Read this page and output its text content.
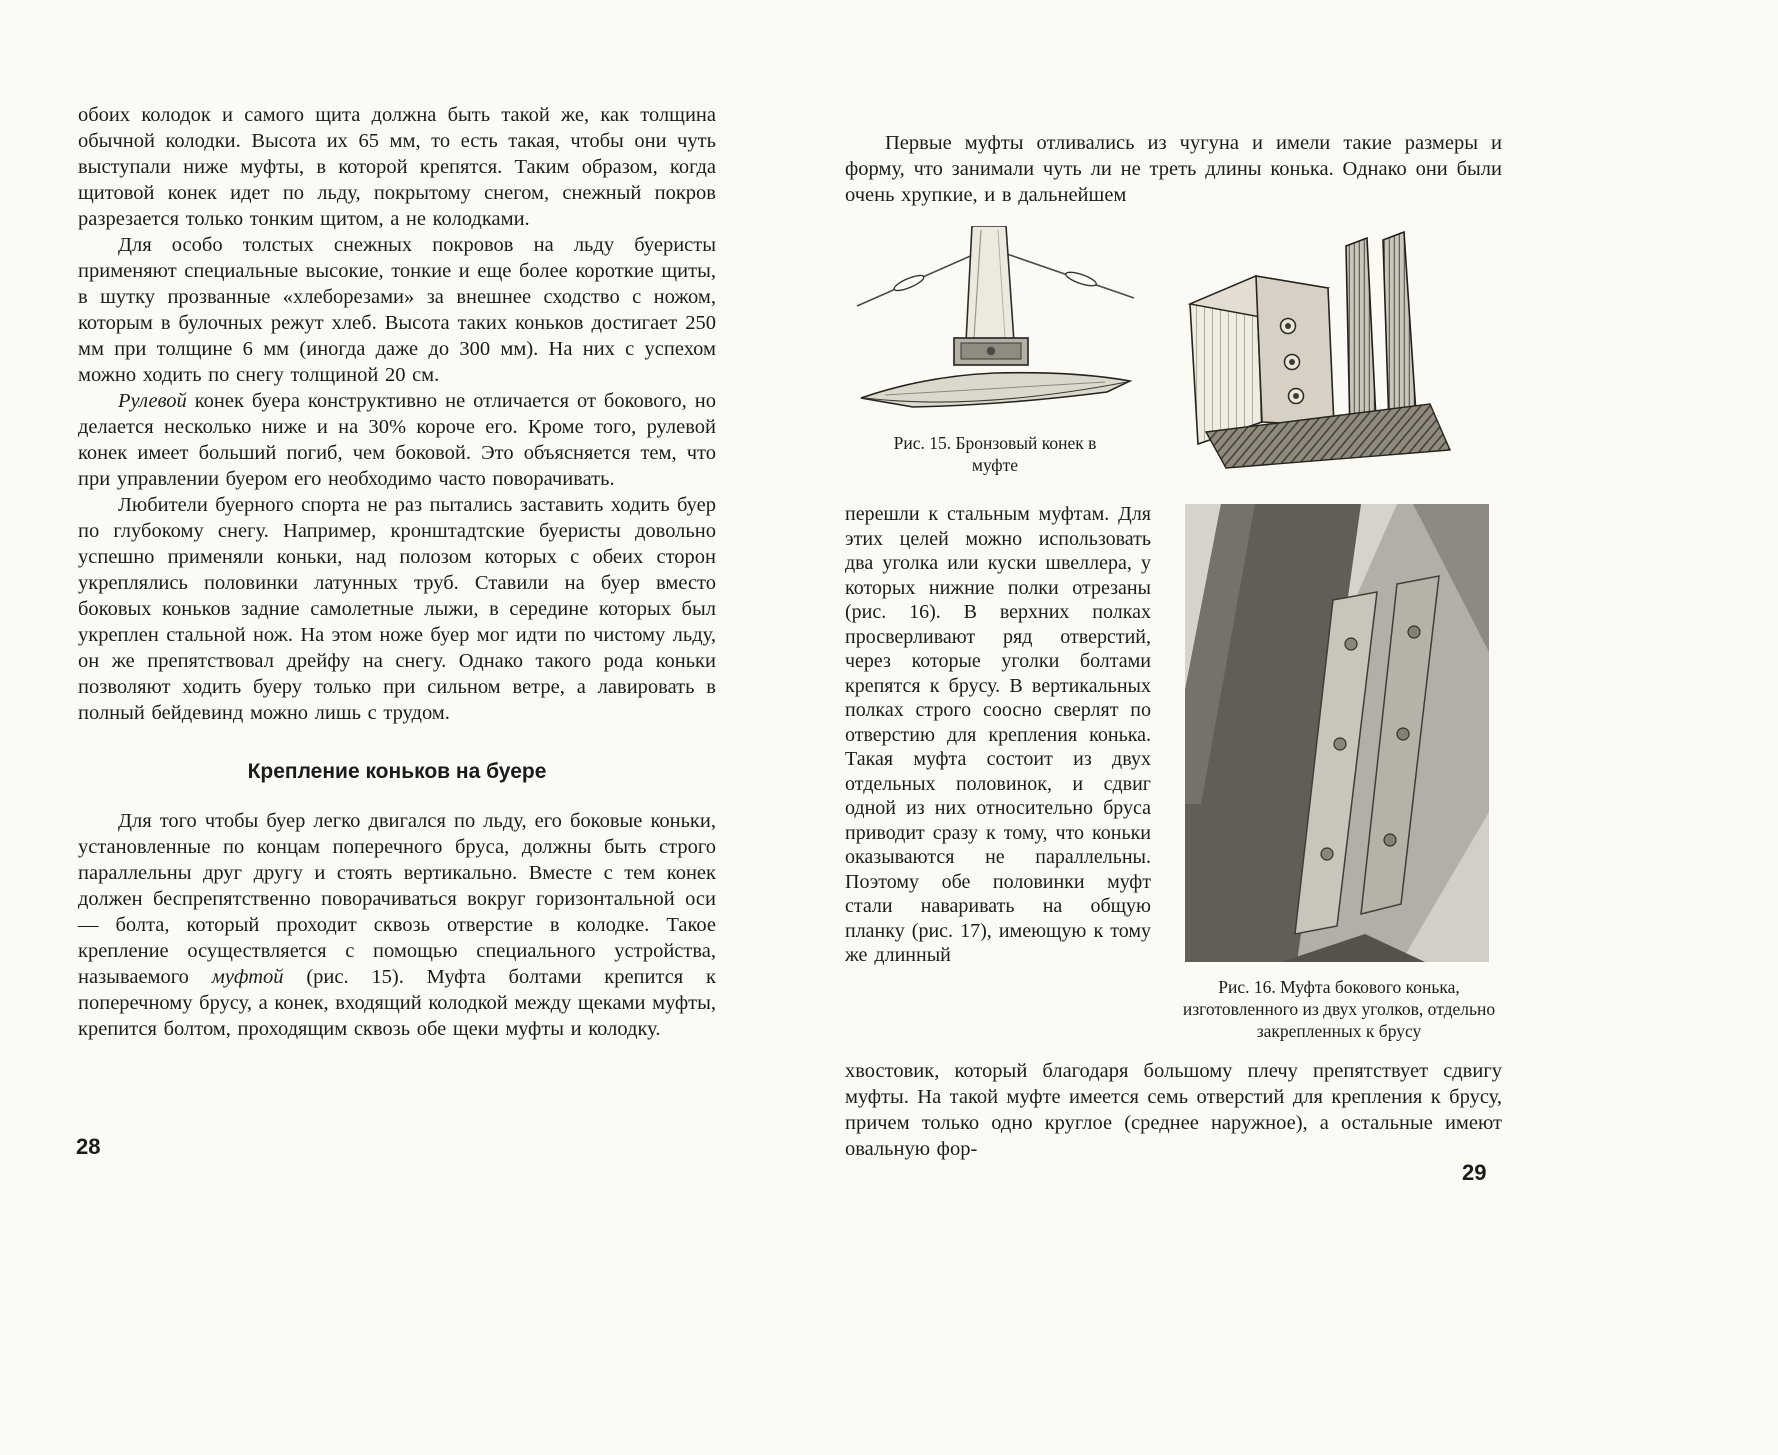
обоих колодок и самого щита должна быть такой же, как толщина обычной колодки. Высота их 65 мм, то есть такая, чтобы они чуть выступали ниже муфты, в которой крепятся. Таким образом, когда щитовой конек идет по льду, покрытому снегом, снежный покров разрезается только тонким щитом, а не колодками.

Для особо толстых снежных покровов на льду буеристы применяют специальные высокие, тонкие и еще более короткие щиты, в шутку прозванные «хлеборезами» за внешнее сходство с ножом, которым в булочных режут хлеб. Высота таких коньков достигает 250 мм при толщине 6 мм (иногда даже до 300 мм). На них с успехом можно ходить по снегу толщиной 20 см.

Рулевой конек буера конструктивно не отличается от бокового, но делается несколько ниже и на 30% короче его. Кроме того, рулевой конек имеет больший погиб, чем боковой. Это объясняется тем, что при управлении буером его необходимо часто поворачивать.

Любители буерного спорта не раз пытались заставить ходить буер по глубокому снегу. Например, кронштадтские буеристы довольно успешно применяли коньки, над полозом которых с обеих сторон укреплялись половинки латунных труб. Ставили на буер вместо боковых коньков задние самолетные лыжи, в середине которых был укреплен стальной нож. На этом ноже буер мог идти по чистому льду, он же препятствовал дрейфу на снегу. Однако такого рода коньки позволяют ходить буеру только при сильном ветре, а лавировать в полный бейдевинд можно лишь с трудом.

Крепление коньков на буере

Для того чтобы буер легко двигался по льду, его боковые коньки, установленные по концам поперечного бруса, должны быть строго параллельны друг другу и стоять вертикально. Вместе с тем конек должен беспрепятственно поворачиваться вокруг горизонтальной оси — болта, который проходит сквозь отверстие в колодке. Такое крепление осуществляется с помощью специального устройства, называемого муфтой (рис. 15). Муфта болтами крепится к поперечному брусу, а конек, входящий колодкой между щеками муфты, крепится болтом, проходящим сквозь обе щеки муфты и колодку.

Первые муфты отливались из чугуна и имели такие размеры и форму, что занимали чуть ли не треть длины конька. Однако они были очень хрупкие, и в дальнейшем

Рис. 15. Бронзовый конек в муфте
перешли к стальным муфтам. Для этих целей можно использовать два уголка или куски швеллера, у которых нижние полки отрезаны (рис. 16). В верхних полках просверливают ряд отверстий, через которые уголки болтами крепятся к брусу. В вертикальных полках строго соосно сверлят по отверстию для крепления конька. Такая муфта состоит из двух отдельных половинок, и сдвиг одной из них относительно бруса приводит сразу к тому, что коньки оказываются не параллельны. Поэтому обе половинки муфт стали наваривать на общую планку (рис. 17), имеющую к тому же длинный
Рис. 16. Муфта бокового конька, изготовленного из двух уголков, отдельно закрепленных к брусу
хвостовик, который благодаря большому плечу препятствует сдвигу муфты. На такой муфте имеется семь отверстий для крепления к брусу, причем только одно круглое (среднее наружное), а остальные имеют овальную фор-
28
29
